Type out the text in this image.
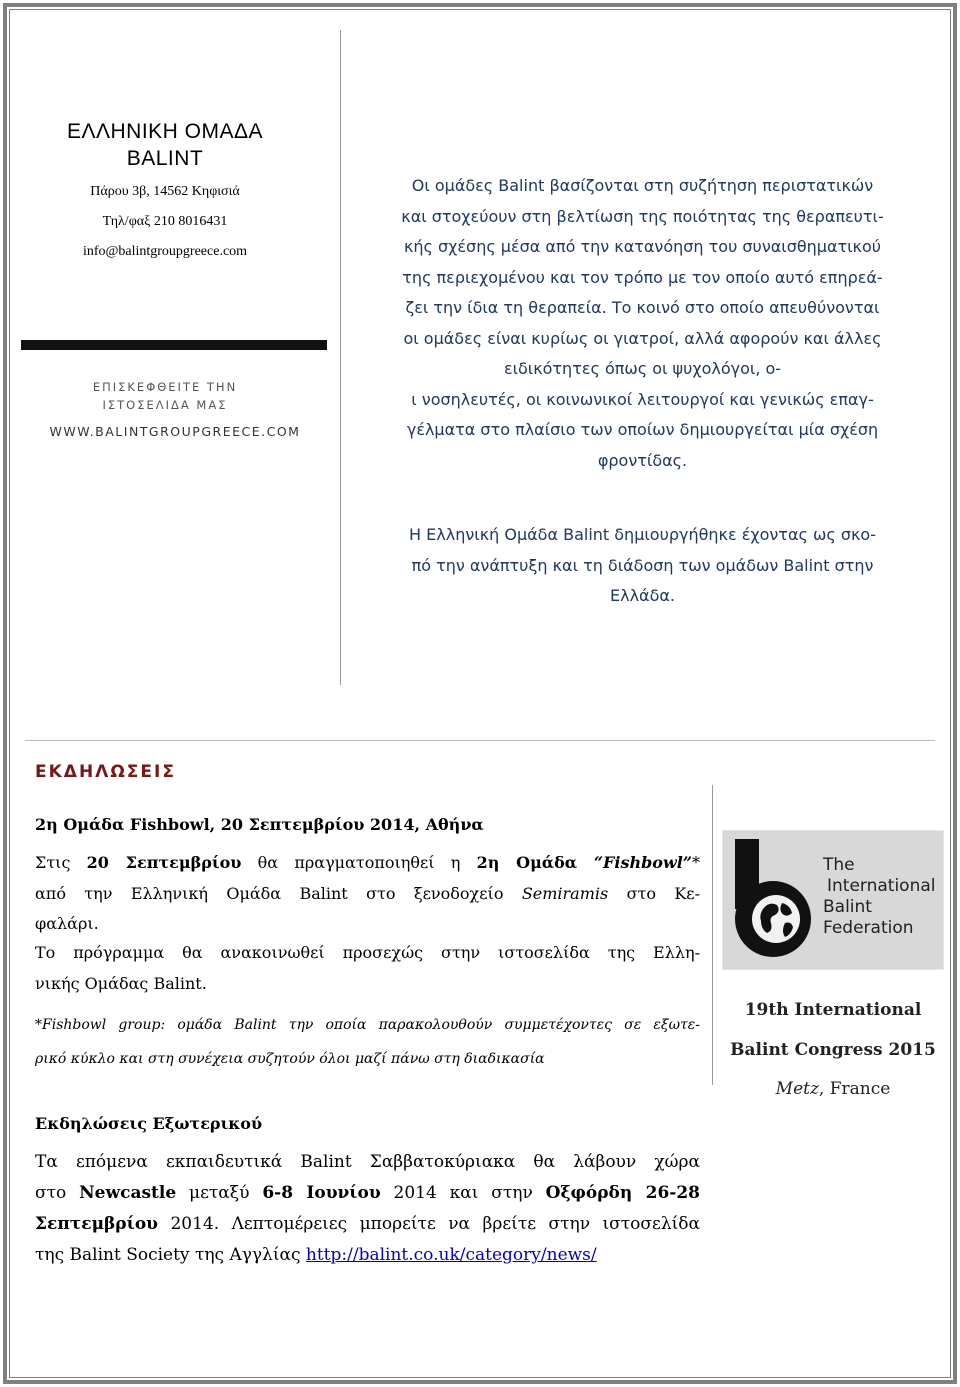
ΕΛΛΗΝΙΚΗ ΟΜΑΔΑ
BALINT
Πάρου 3β, 14562 Κηφισιά
Τηλ/φαξ 210 8016431
info@balintgroupgreece.com
ΕΠΙΣΚΕΦΘΕΙΤΕ ΤΗΝ
ΙΣΤΟΣΕΛΙΔΑ ΜΑΣ
WWW.BALINTGROUPGREECE.COM

Οι ομάδες Balint βασίζονται στη συζήτηση περιστατικών

και στοχεύουν στη βελτίωση της ποιότητας της θεραπευτι-

κής σχέσης μέσα από την κατανόηση του συναισθηματικού

της περιεχομένου και τον τρόπο με τον οποίο αυτό επηρεά-

ζει την ίδια τη θεραπεία. Το κοινό στο οποίο απευθύνονται

οι ομάδες είναι κυρίως οι γιατροί, αλλά αφορούν και άλλες

ειδικότητες όπως οι ψυχολόγοι, ο-

ι νοσηλευτές, οι κοινωνικοί λειτουργοί και γενικώς επαγ-

γέλματα στο πλαίσιο των οποίων δημιουργείται μία σχέση

φροντίδας.

Η Ελληνική Ομάδα Balint δημιουργήθηκε έχοντας ως σκο-

πό την ανάπτυξη και τη διάδοση των ομάδων Balint στην

Ελλάδα.

ΕΚΔΗΛΩΣΕΙΣ
2η Ομάδα Fishbowl, 20 Σεπτεμβρίου 2014, Αθήνα
Στις 20 Σεπτεμβρίου θα πραγματοποιηθεί η 2η Ομάδα “Fishbowl”*
από την Ελληνική Ομάδα Balint στο ξενοδοχείο Semiramis στο Κε-
φαλάρι.
Το πρόγραμμα θα ανακοινωθεί προσεχώς στην ιστοσελίδα της Ελλη-
νικής Ομάδας Balint.
*Fishbowl group: ομάδα Balint την οποία παρακολουθούν συμμετέχοντες σε εξωτε-
ρικό κύκλο και στη συνέχεια συζητούν όλοι μαζί πάνω στη διαδικασία
Εκδηλώσεις Εξωτερικού
Τα επόμενα εκπαιδευτικά Balint Σαββατοκύριακα θα λάβουν χώρα
στο Newcastle μεταξύ 6-8 Ιουνίου 2014 και στην Οξφόρδη 26-28
Σεπτεμβρίου 2014. Λεπτομέρειες μπορείτε να βρείτε στην ιστοσελίδα
της Balint Society της Αγγλίας http://balint.co.uk/category/news/
The
International
Balint
Federation
19th International
Balint Congress 2015
Metz, France
